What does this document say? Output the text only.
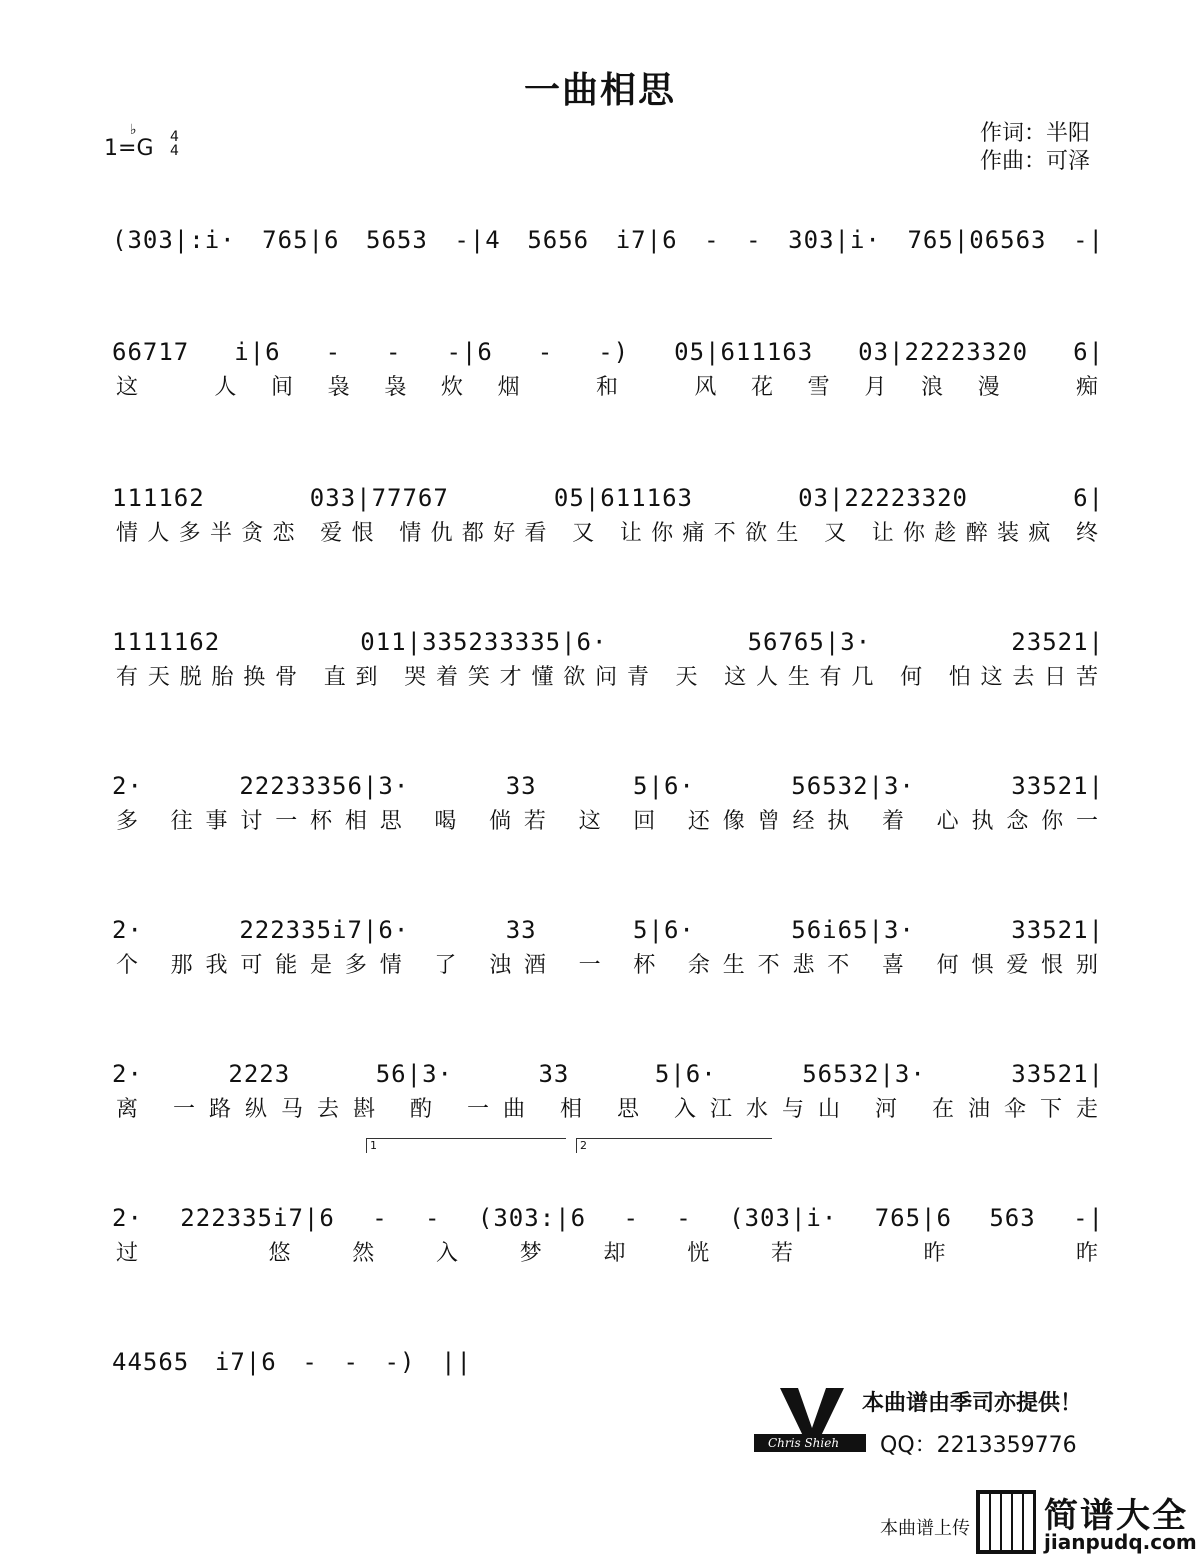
一曲相思
1=
♭
G 4
4
作词：半阳
作曲：可泽
(303|:i· 765|6 5653 -|4 5656 i7|6 - - 303|i· 765|06563 -|
66717 i|6 - - -|6 - -) 05|611163 03|22223320 6|
这 人间袅袅炊烟 和 风花雪月浪漫 痴
111162 033|77767 05|611163 03|22223320 6|
情人多半贪恋 爱恨 情仇都好看 又 让你痛不欲生 又 让你趁醉装疯 终
1111162 011|335233335|6· 56765|3· 23521|
有天脱胎换骨 直到 哭着笑才懂欲问青 天 这人生有几 何 怕这去日苦
2· 22233356|3· 33 5|6· 56532|3· 33521|
多 往事讨一杯相思 喝 倘若 这 回 还像曾经执 着 心执念你一
2· 222335i7|6· 33 5|6· 56i65|3· 33521|
个 那我可能是多情 了 浊酒 一 杯 余生不悲不 喜 何惧爱恨别
2· 2223 56|3· 33 5|6· 56532|3· 33521|
离 一路纵马去斟 酌 一曲 相 思 入江水与山 河 在油伞下走
1	2
2· 222335i7|6 - - (303:|6 - - (303|i· 765|6 563 -|
过 悠然入梦却恍若 昨 昨
44565 i7|6 - - -) ||
Chris Shieh
本曲谱由季司亦提供！
QQ：2213359776
本曲谱上传 简谱大全
jianpudq.com
